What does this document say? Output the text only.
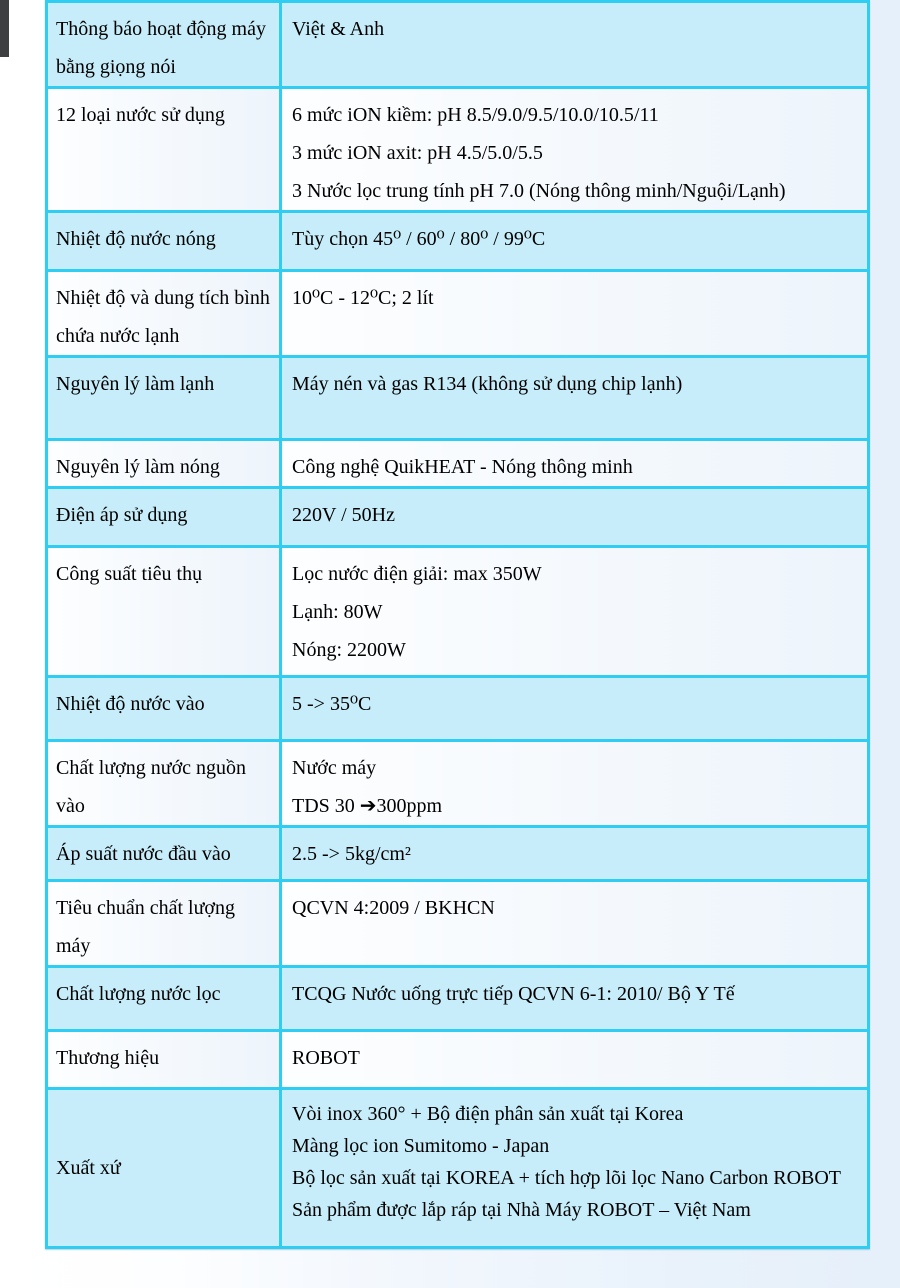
Thông báo hoạt động máy bằng giọng nói	Việt & Anh

12 loại nước sử dụng	6 mức iON kiềm: pH 8.5/9.0/9.5/10.0/10.5/11
3 mức iON axit: pH 4.5/5.0/5.5
3 Nước lọc trung tính pH 7.0 (Nóng thông minh/Nguội/Lạnh)

Nhiệt độ nước nóng	Tùy chọn 45⁰ / 60⁰ / 80⁰ / 99⁰C

Nhiệt độ và dung tích bình chứa nước lạnh	10⁰C - 12⁰C; 2 lít

Nguyên lý làm lạnh	Máy nén và gas R134 (không sử dụng chip lạnh)

Nguyên lý làm nóng	Công nghệ QuikHEAT - Nóng thông minh

Điện áp sử dụng	220V / 50Hz

Công suất tiêu thụ	Lọc nước điện giải: max 350W
Lạnh: 80W
Nóng: 2200W

Nhiệt độ nước vào	5 -> 35⁰C

Chất lượng nước nguồn vào	Nước máy
TDS 30 ➔300ppm

Áp suất nước đầu vào	2.5 -> 5kg/cm²

Tiêu chuẩn chất lượng máy	QCVN 4:2009 / BKHCN

Chất lượng nước lọc	TCQG Nước uống trực tiếp QCVN 6-1: 2010/ Bộ Y Tế

Thương hiệu	ROBOT

Xuất xứ	Vòi inox 360° + Bộ điện phân sản xuất tại Korea
Màng lọc ion Sumitomo - Japan
Bộ lọc sản xuất tại KOREA + tích hợp lõi lọc Nano Carbon ROBOT
Sản phẩm được lắp ráp tại Nhà Máy ROBOT – Việt Nam
